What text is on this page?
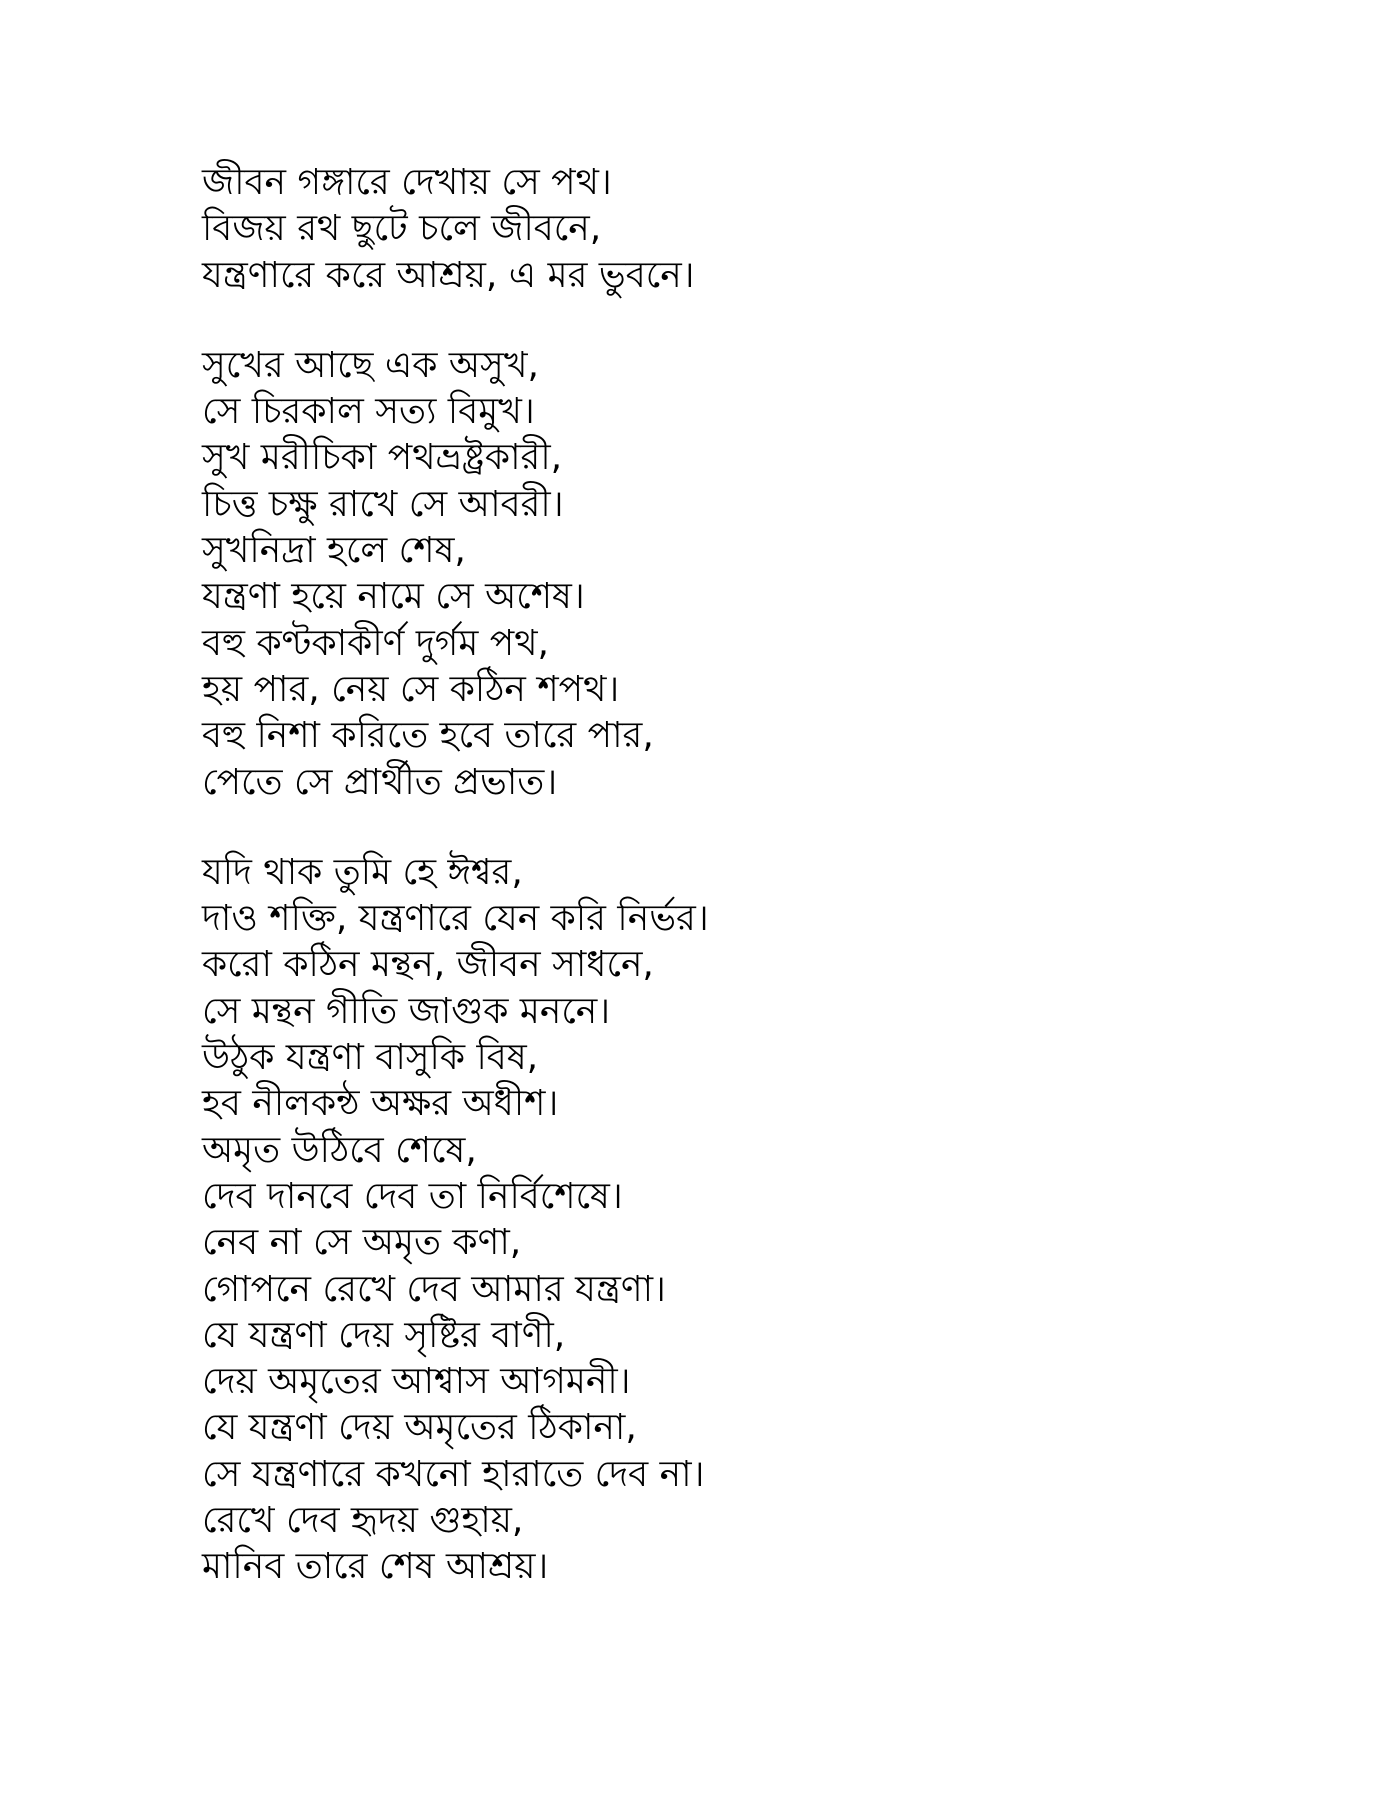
জীবন গঙ্গারে দেখায় সে পথ।
বিজয় রথ ছুটে চলে জীবনে,
যন্ত্রণারে করে আশ্রয়, এ মর ভুবনে।
সুখের আছে এক অসুখ,
সে চিরকাল সত্য বিমুখ।
সুখ মরীচিকা পথভ্রষ্ট্রকারী,
চিত্ত চক্ষু রাখে সে আবরী।
সুখনিদ্রা হলে শেষ,
যন্ত্রণা হয়ে নামে সে অশেষ।
বহু কণ্টকাকীর্ণ দুর্গম পথ,
হয় পার, নেয় সে কঠিন শপথ।
বহু নিশা করিতে হবে তারে পার,
পেতে সে প্রার্থীত প্রভাত।
যদি থাক তুমি হে ঈশ্বর,
দাও শক্তি, যন্ত্রণারে যেন করি নির্ভর।
করো কঠিন মন্থন, জীবন সাধনে,
সে মন্থন গীতি জাগুক মননে।
উঠুক যন্ত্রণা বাসুকি বিষ,
হব নীলকন্ঠ অক্ষর অধীশ।
অমৃত উঠিবে শেষে,
দেব দানবে দেব তা নির্বিশেষে।
নেব না সে অমৃত কণা,
গোপনে রেখে দেব আমার যন্ত্রণা।
যে যন্ত্রণা দেয় সৃষ্টির বাণী,
দেয় অমৃতের আশ্বাস আগমনী।
যে যন্ত্রণা দেয় অমৃতের ঠিকানা,
সে যন্ত্রণারে কখনো হারাতে দেব না।
রেখে দেব হৃদয় গুহায়,
মানিব তারে শেষ আশ্রয়।
